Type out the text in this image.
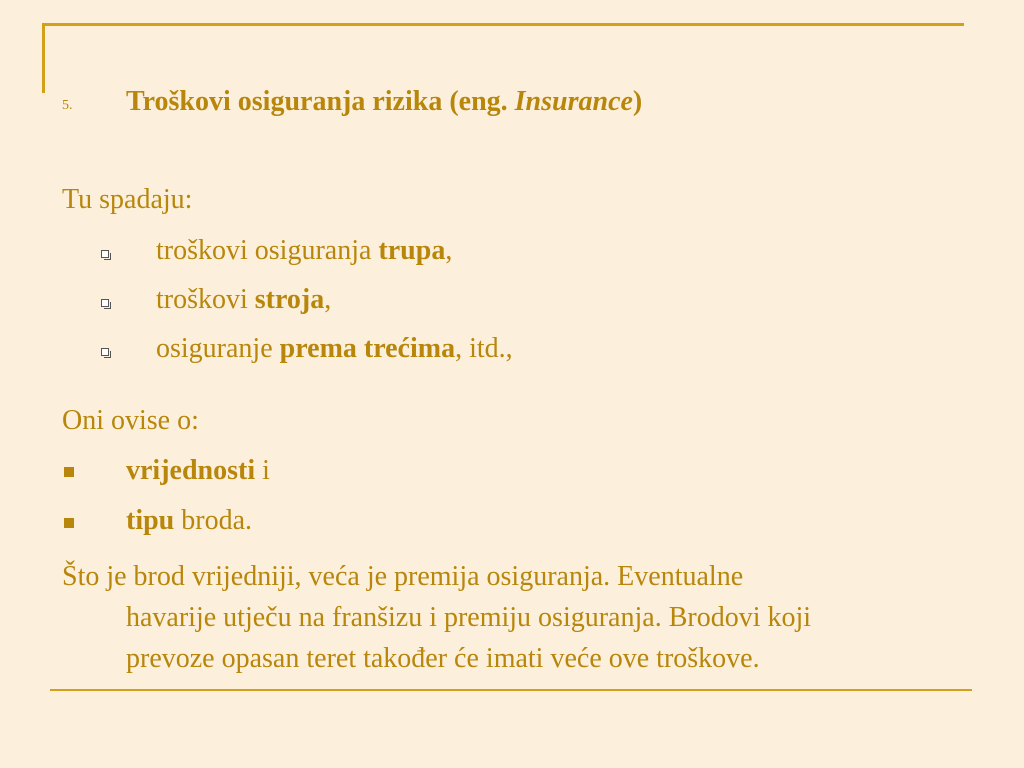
5. Troškovi osiguranja rizika (eng. Insurance)
Tu spadaju:
troškovi osiguranja trupa,
troškovi stroja,
osiguranje prema trećima, itd.,
Oni ovise o:
vrijednosti i
tipu broda.
Što je brod vrijedniji, veća je premija osiguranja. Eventualne
havarije utječu na franšizu i premiju osiguranja. Brodovi koji
prevoze opasan teret također će imati veće ove troškove.
